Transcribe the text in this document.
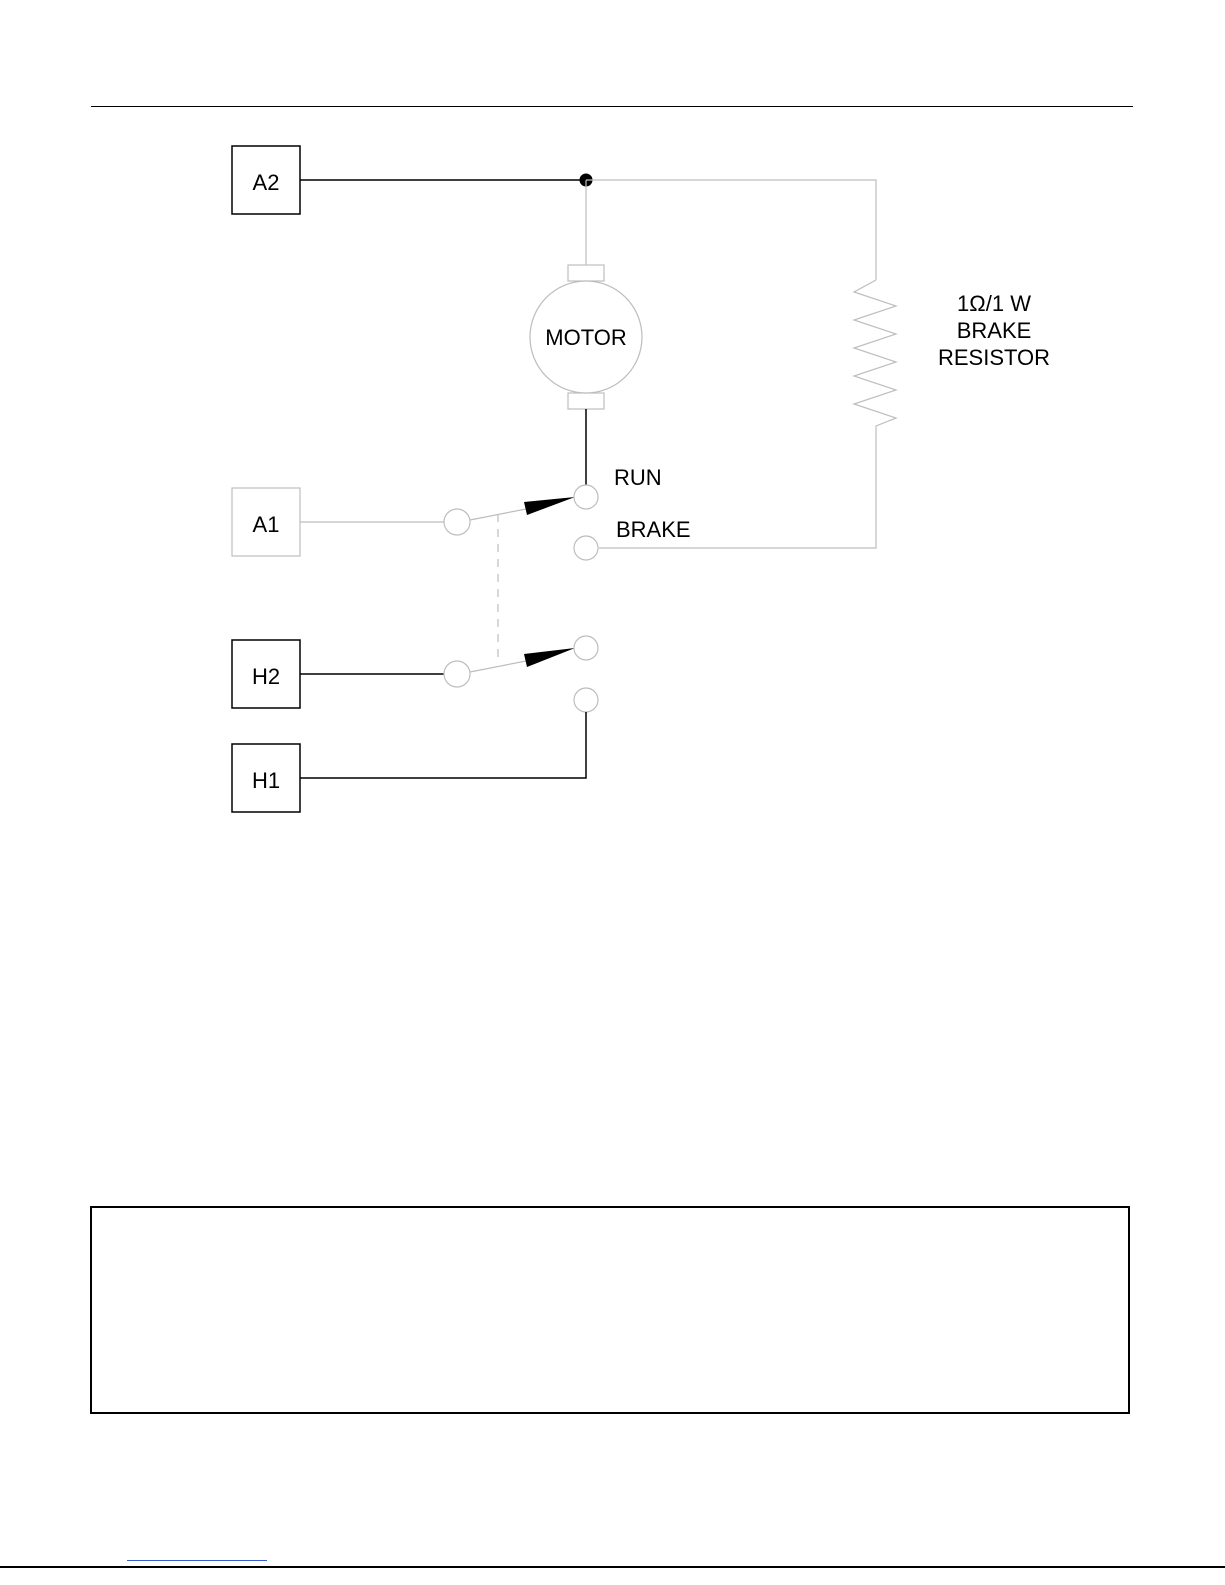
A2
A1
H2
H1
MOTOR
1Ω/1 W
BRAKE
RESISTOR
RUN
BRAKE
